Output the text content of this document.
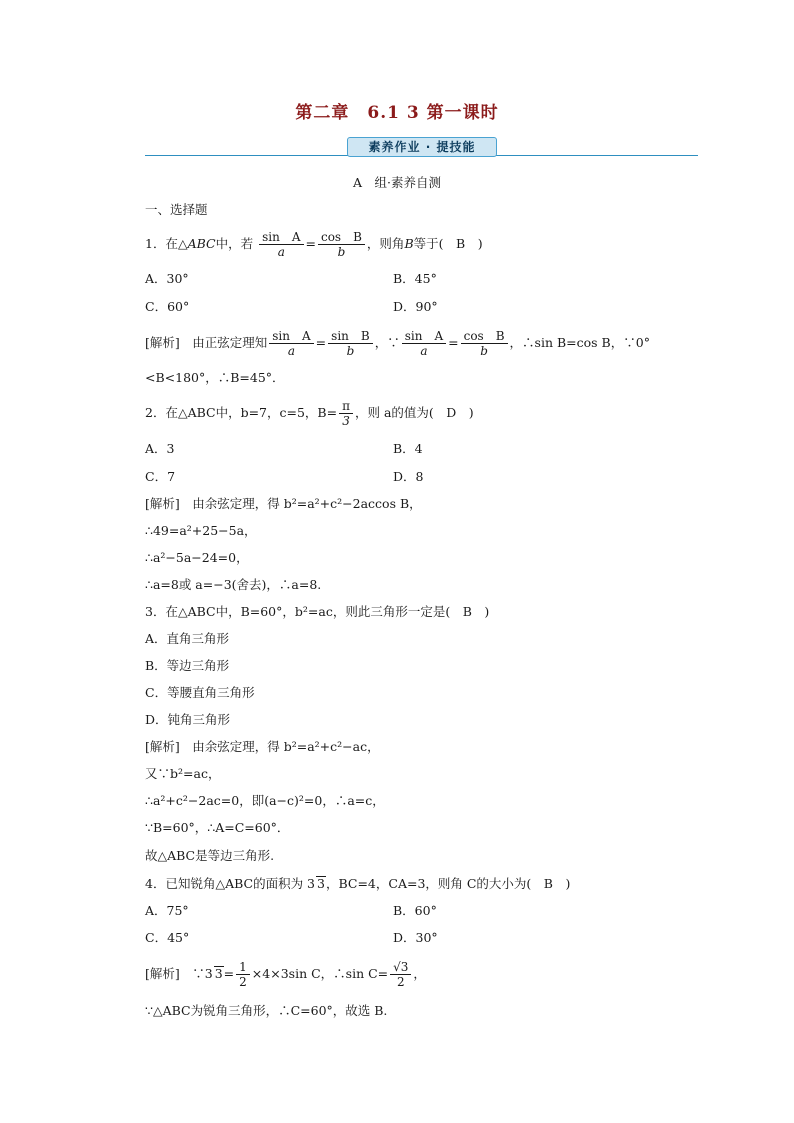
第二章　6.1 3 第一课时
素养作业 · 提技能
A　组·素养自测
一、选择题
1．在△ABC中，若 $\frac{\text{sin　A}}{a} = \frac{\text{cos　B}}{b}$ ，则角B等于(　B　)
A．30°	B．45°
C．60°	D．90°
[解析]　由正弦定理知 $\frac{\text{sin　A}}{a} = \frac{\text{sin　B}}{b}$ ，∵ $\frac{\text{sin　A}}{a} = \frac{\text{cos　B}}{b}$ ，∴sin B=cos B，∵0°
<B<180°，∴B=45°．
2．在△ABC中，b=7，c=5，$B= \frac{\pi}{3}$ ，则 a的值为(　D　)
A．3	B．4
C．7	D．8
[解析]　由余弦定理，得 b²=a²+c²−2accos B，
∴49=a²+25−5a，
∴a²−5a−24=0，
∴a=8或 a=−3(舍去)，∴a=8.
3．在△ABC中，B=60°，b²=ac，则此三角形一定是(　B　)
A．直角三角形
B．等边三角形
C．等腰直角三角形
D．钝角三角形
[解析]　由余弦定理，得 b²=a²+c²−ac，
又∵b²=ac，
∴a²+c²−2ac=0，即(a−c)²=0，∴a=c，
∵B=60°，∴A=C=60°．
故△ABC是等边三角形.
4．已知锐角△ABC的面积为 3 3，BC=4，CA=3，则角 C的大小为(　B　)
A．75°	B．60°
C．45°	D．30°
[解析]　∵3 $3= \frac{1}{2} \times 4\times 3\sin$ C，∴sin $C= \frac{√3}{2}$ ，
∵△ABC为锐角三角形，∴C=60°，故选 B.
